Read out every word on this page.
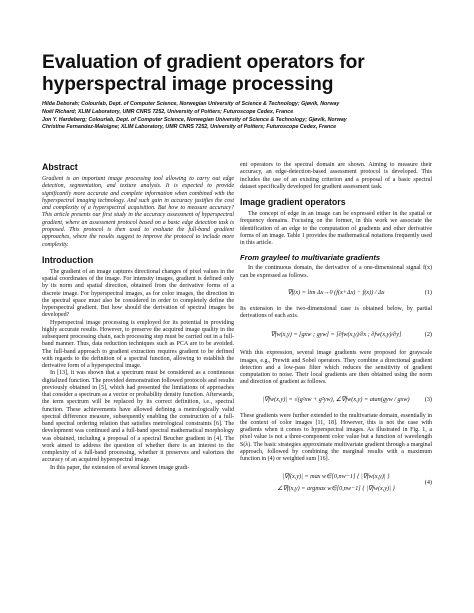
Evaluation of gradient operators for hyperspectral image processing
Hilda Deborah; Colourlab, Dept. of Computer Science, Norwegian University of Science & Technology; Gjøvik, Norway
Noël Richard; XLIM Laboratory, UMR CNRS 7252, University of Poitiers; Futuroscope Cedex, France
Jon Y. Hardeberg; Colourlab, Dept. of Computer Science, Norwegian University of Science & Technology; Gjøvik, Norway
Christine Fernandez-Maloigne; XLIM Laboratory, UMR CNRS 7252, University of Poitiers; Futuroscope Cedex, France
Abstract

Gradient is an important image processing tool allowing to carry out edge detection, segmentation, and texture analysis. It is expected to provide significantly more accurate and complete information when combined with the hyperspectral imaging technology. And such gain in accuracy justifies the cost and complexity of a hyperspectral acquisition. But how to measure accuracy? This article presents our first study in the accuracy assessment of hyperspectral gradient, where an assessment protocol based on a basic edge detection task is proposed. This protocol is then used to evaluate the full-band gradient approaches, where the results suggest to improve the protocol to include more complexity.

Introduction

The gradient of an image captures directional changes of pixel values in the spatial coordinates of the image. For intensity images, gradient is defined only by its norm and spatial direction, obtained from the derivative forms of a discrete image. For hyperspectral images, as for color images, the direction in the spectral space must also be considered in order to completely define the hyperspectral gradient. But how should the derivation of spectral images be developed?

Hyperspectral image processing is employed for its potential in providing highly accurate results. However, to preserve the acquired image quality in the subsequent processing chain, each processing step must be carried out in a full-band manner. Thus, data reduction techniques such as PCA are to be avoided. The full-band approach to gradient extraction requires gradient to be defined with regards to the definition of a spectral function, allowing to establish the derivative form of a hyperspectral image.

In [13], it was shown that a spectrum must be considered as a continuous digitalized function. The provided demonstration followed protocols and results previously obtained in [5], which had presented the limitations of approaches that consider a spectrum as a vector or probability density function. Afterwards, the term spectrum will be replaced by its correct definition, i.e., spectral function. These achievements have allowed defining a metrologically valid spectral difference measure, subsequently enabling the construction of a full-band spectral ordering relation that satisfies metrological constraints [6]. The development was continued and a full-band spectral mathematical morphology was obtained, including a proposal of a spectral Beucher gradient in [4]. The work aimed to address the question of whether there is an interest to the complexity of a full-band processing, whether it preserves and valorizes the accuracy of an acquired hyperspectral image.

In this paper, the extension of several known image gradi-

ent operators to the spectral domain are shown. Aiming to measure their accuracy, an edge-detection-based assessment protocol is developed. This includes the use of an existing criterion and a proposal of a basic spectral dataset specifically developed for gradient assessment task.

Image gradient operators

The concept of edge in an image can be expressed either in the spatial or frequency domains. Focusing on the former, in this work we associate the identification of an edge to the computation of gradients and other derivative forms of an image. Table 1 provides the mathematical notations frequently used in this article.

From grayleel to multivariate gradients

In the continuous domain, the derivative of a one-dimensional signal f(x) can be expressed as follows.

∇f(x) = lim Δx→0 (f(x+Δx) − f(x)) / Δx	(1)

Its extension to the two-dimensional case is obtained below, by partial derivations of each axis.

∇fw(x,y) = [gxw ; gyw] = [∂fw(x,y)/∂x ; ∂fw(x,y)/∂y]	(2)

With this expression, several image gradients were proposed for grayscale images, e.g., Prewitt and Sobel operators. They combine a directional gradient detection and a low-pass filter which reduces the sensitivity of gradient computation to noise. Their local gradients are then obtained using the norm and direction of gradient as follows.

|∇fw(x,y)| = √(g²xw + g²yw), ∠∇fw(x,y) = atan(gyw / gxw) (3)

These gradients were further extended to the multivariate domain, essentially in the context of color images [11, 18]. However, this is not the case with gradients when it comes to hyperspectral images. As illustrated in Fig. 1, a pixel value is not a three-component color value but a function of wavelength S(λ). The basic strategies approximate multivariate gradient through a marginal approach, followed by combining the marginal results with a maximum function in (4) or weighted sum [16].

|∇f(x,y)| = max w∈[0,nw−1] { |∇fw(x,y)| }
∠∇f(x,y) = argmax w∈[0,nw−1] { |∇fw(x,y)| }
(4)
